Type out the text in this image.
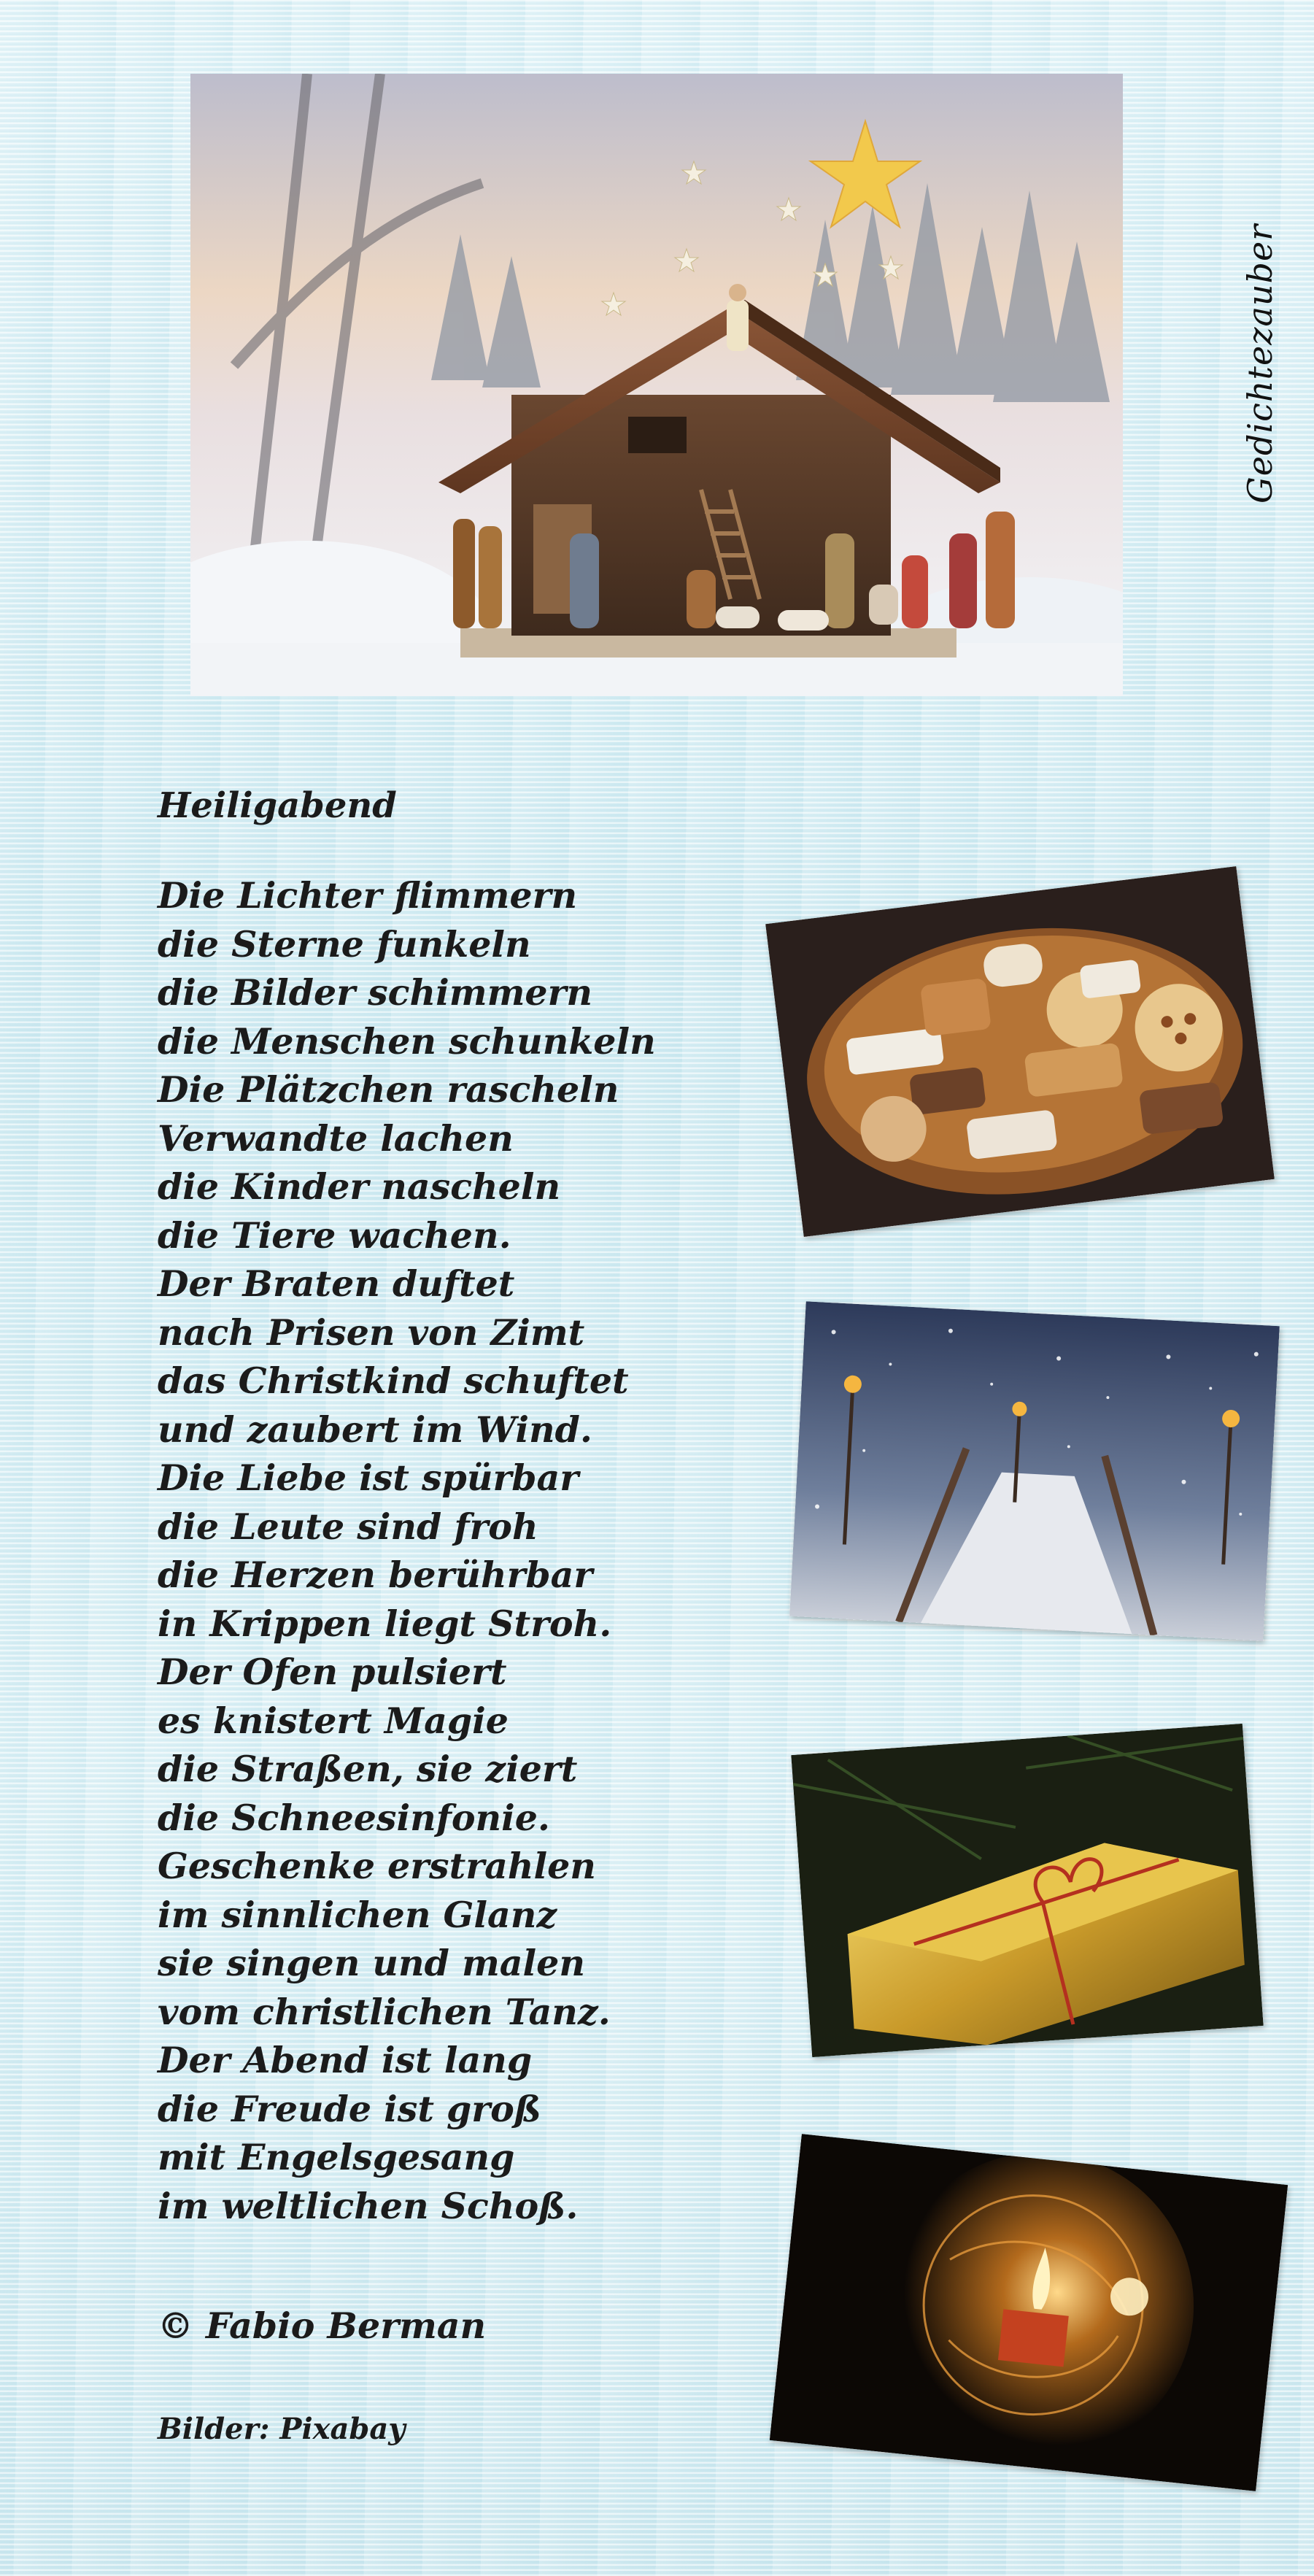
Gedichtezauber
Heiligabend
Die Lichter flimmern
die Sterne funkeln
die Bilder schimmern
die Menschen schunkeln
Die Plätzchen rascheln
Verwandte lachen
die Kinder nascheln
die Tiere wachen.
Der Braten duftet
nach Prisen von Zimt
das Christkind schuftet
und zaubert im Wind.
Die Liebe ist spürbar
die Leute sind froh
die Herzen berührbar
in Krippen liegt Stroh.
Der Ofen pulsiert
es knistert Magie
die Straßen, sie ziert
die Schneesinfonie.
Geschenke erstrahlen
im sinnlichen Glanz
sie singen und malen
vom christlichen Tanz.
Der Abend ist lang
die Freude ist groß
mit Engelsgesang
im weltlichen Schoß.
© Fabio Berman
Bilder: Pixabay
